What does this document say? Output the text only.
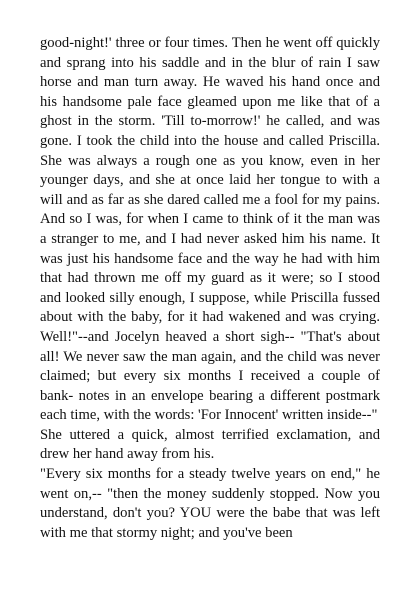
good-night!' three or four times. Then he went off quickly and sprang into his saddle and in the blur of rain I saw horse and man turn away. He waved his hand once and his handsome pale face gleamed upon me like that of a ghost in the storm. 'Till to-morrow!' he called, and was gone. I took the child into the house and called Priscilla. She was always a rough one as you know, even in her younger days, and she at once laid her tongue to with a will and as far as she dared called me a fool for my pains. And so I was, for when I came to think of it the man was a stranger to me, and I had never asked him his name. It was just his handsome face and the way he had with him that had thrown me off my guard as it were; so I stood and looked silly enough, I suppose, while Priscilla fussed about with the baby, for it had wakened and was crying. Well!"--and Jocelyn heaved a short sigh-- "That's about all! We never saw the man again, and the child was never claimed; but every six months I received a couple of bank- notes in an envelope bearing a different postmark each time, with the words: 'For Innocent' written inside--"

She uttered a quick, almost terrified exclamation, and drew her hand away from his.

"Every six months for a steady twelve years on end," he went on,-- "then the money suddenly stopped. Now you understand, don't you? YOU were the babe that was left with me that stormy night; and you've been
